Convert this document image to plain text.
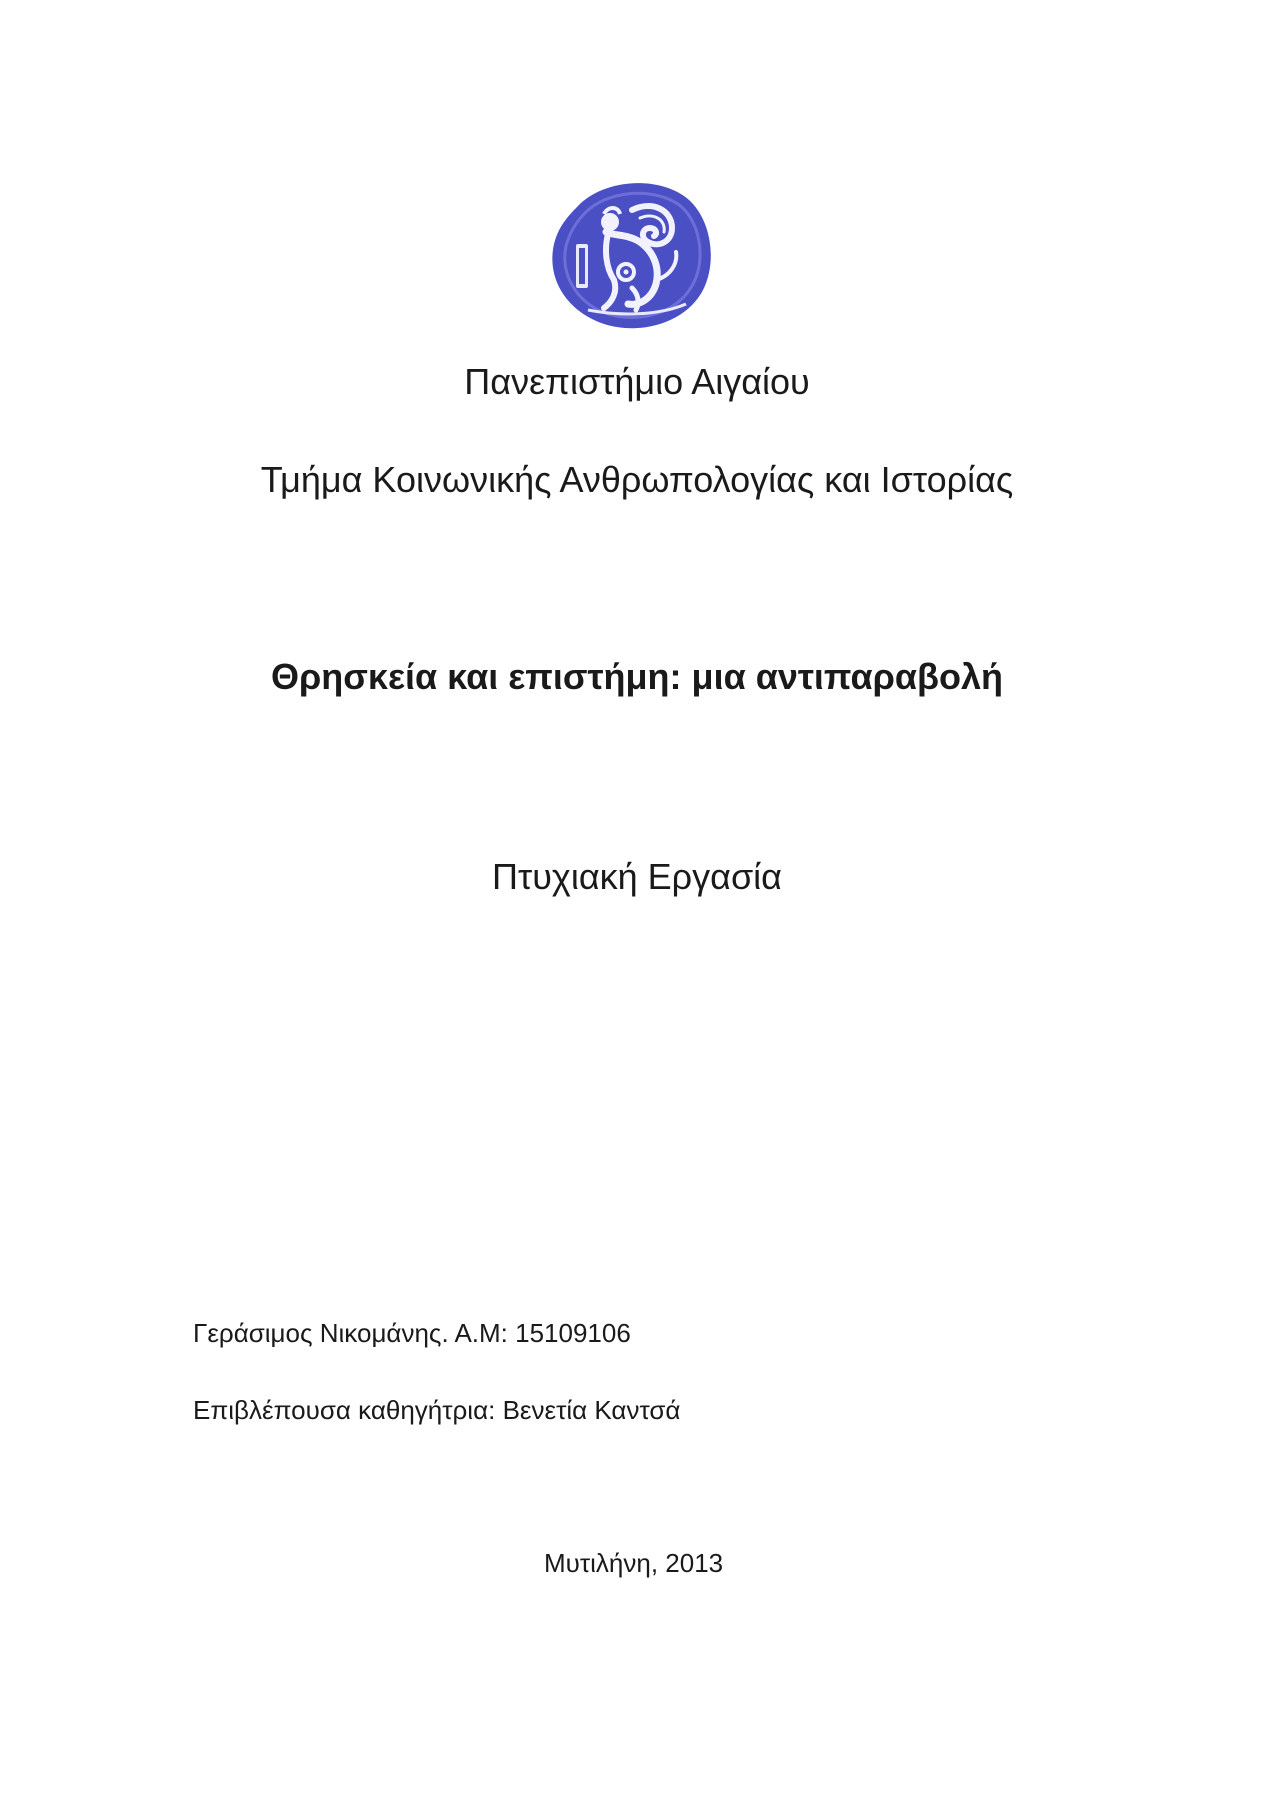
Πανεπιστήμιο Αιγαίου
Τμήμα Κοινωνικής Ανθρωπολογίας και Ιστορίας
Θρησκεία και επιστήμη: μια αντιπαραβολή
Πτυχιακή Εργασία
Γεράσιμος Νικομάνης. Α.Μ: 15109106
Επιβλέπουσα καθηγήτρια: Βενετία Καντσά
Μυτιλήνη, 2013
